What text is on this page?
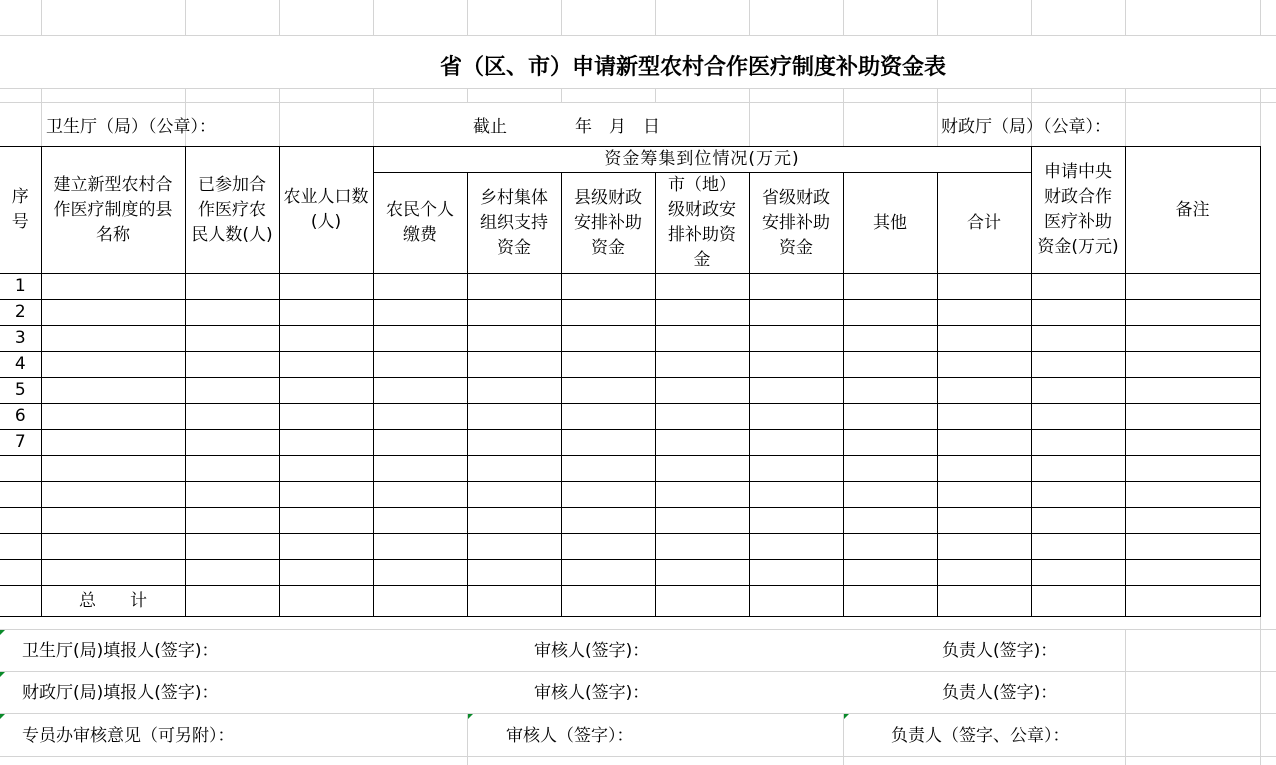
省（区、市）申请新型农村合作医疗制度补助资金表
卫生厅（局）（公章）：	截止　　　　年　月　日	财政厅（局）（公章）：
序号	建立新型农村合作医疗制度的县名称	已参加合作医疗农民人数(人)	农业人口数(人)	资金筹集到位情况(万元)							申请中央财政合作医疗补助资金(万元)	备注

				农民个人缴费	乡村集体组织支持资金	县级财政安排补助资金	市（地）级财政安排补助资金	省级财政安排补助资金	其他	合计		
1												
2												
3												
4												
5												
6												
7												

	总　　计											
卫生厅(局)填报人(签字)：	审核人(签字)：	负责人(签字)：
财政厅(局)填报人(签字)：	审核人(签字)：	负责人(签字)：
专员办审核意见（可另附）：	审核人（签字）：	负责人（签字、公章）：
